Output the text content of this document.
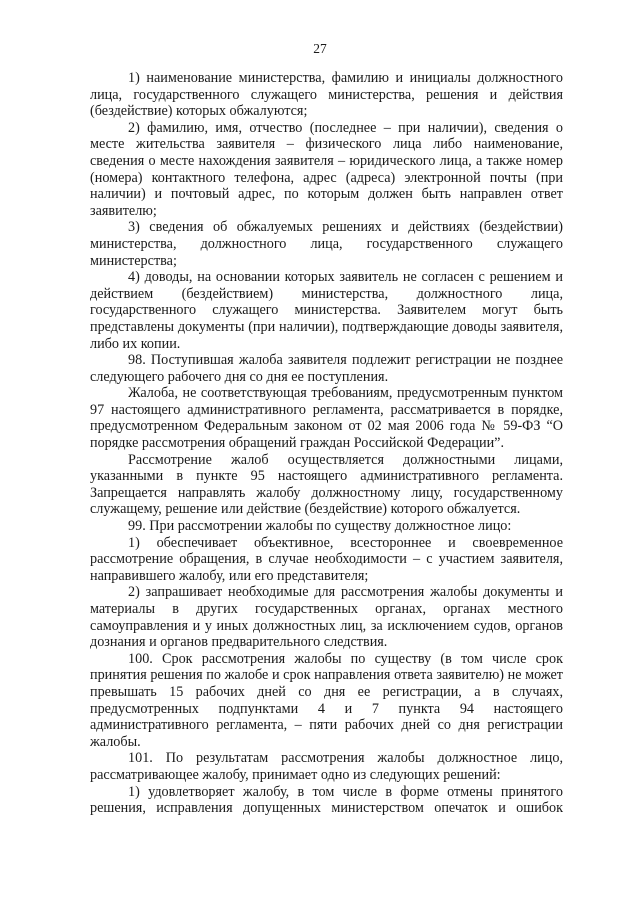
27

1) наименование министерства, фамилию и инициалы должностного лица, государственного служащего министерства, решения и действия (бездействие) которых обжалуются;

2) фамилию, имя, отчество (последнее – при наличии), сведения о месте жительства заявителя – физического лица либо наименование, сведения о месте нахождения заявителя – юридического лица, а также номер (номера) контактного телефона, адрес (адреса) электронной почты (при наличии) и почтовый адрес, по которым должен быть направлен ответ заявителю;

3) сведения об обжалуемых решениях и действиях (бездействии) министерства, должностного лица, государственного служащего министерства;

4) доводы, на основании которых заявитель не согласен с решением и действием (бездействием) министерства, должностного лица, государственного служащего министерства. Заявителем могут быть представлены документы (при наличии), подтверждающие доводы заявителя, либо их копии.

98. Поступившая жалоба заявителя подлежит регистрации не позднее следующего рабочего дня со дня ее поступления.

Жалоба, не соответствующая требованиям, предусмотренным пунктом 97 настоящего административного регламента, рассматривается в порядке, предусмотренном Федеральным законом от 02 мая 2006 года № 59-ФЗ “О порядке рассмотрения обращений граждан Российской Федерации”.

Рассмотрение жалоб осуществляется должностными лицами, указанными в пункте 95 настоящего административного регламента. Запрещается направлять жалобу должностному лицу, государственному служащему, решение или действие (бездействие) которого обжалуется.

99. При рассмотрении жалобы по существу должностное лицо:

1) обеспечивает объективное, всестороннее и своевременное рассмотрение обращения, в случае необходимости – с участием заявителя, направившего жалобу, или его представителя;

2) запрашивает необходимые для рассмотрения жалобы документы и материалы в других государственных органах, органах местного самоуправления и у иных должностных лиц, за исключением судов, органов дознания и органов предварительного следствия.

100. Срок рассмотрения жалобы по существу (в том числе срок принятия решения по жалобе и срок направления ответа заявителю) не может превышать 15 рабочих дней со дня ее регистрации, а в случаях, предусмотренных подпунктами 4 и 7 пункта 94 настоящего административного регламента, – пяти рабочих дней со дня регистрации жалобы.

101. По результатам рассмотрения жалобы должностное лицо, рассматривающее жалобу, принимает одно из следующих решений:

1) удовлетворяет жалобу, в том числе в форме отмены принятого решения, исправления допущенных министерством опечаток и ошибок
